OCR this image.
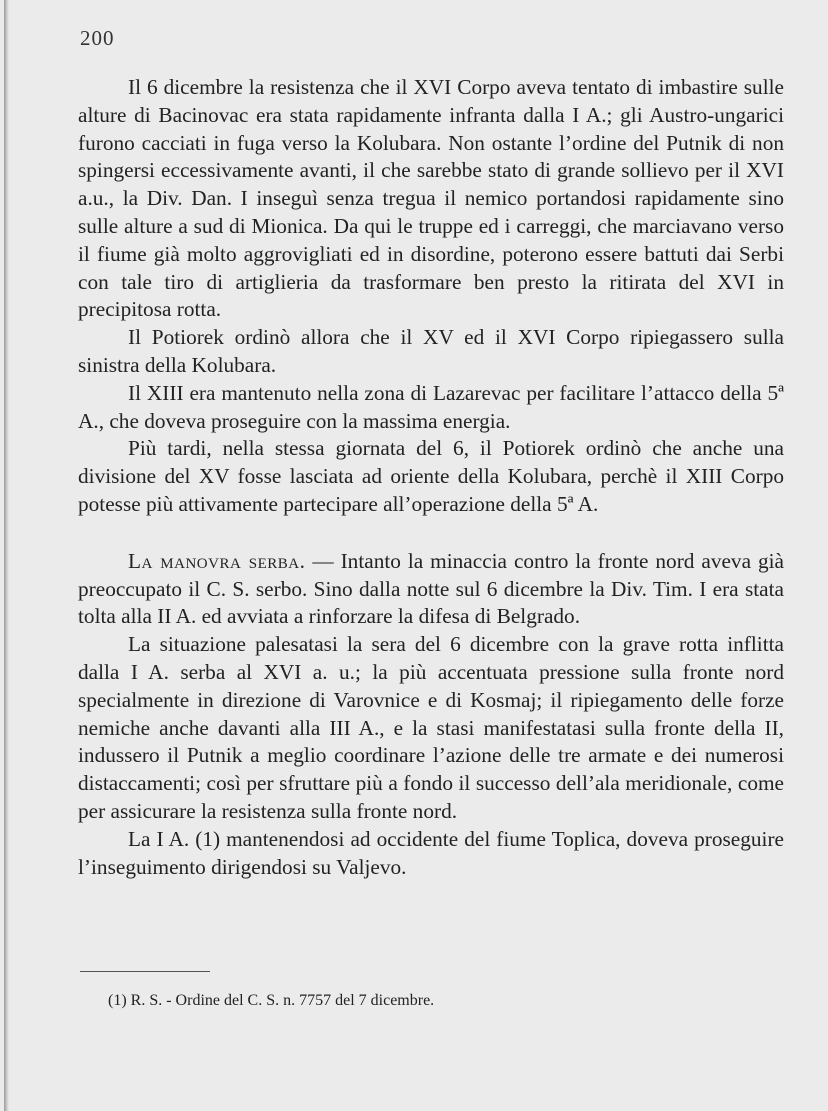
200

Il 6 dicembre la resistenza che il XVI Corpo aveva tentato di imbastire sulle alture di Bacinovac era stata rapidamente infranta dalla I A.; gli Austro-ungarici furono cacciati in fuga verso la Kolubara. Non ostante l’ordine del Putnik di non spingersi eccessivamente avanti, il che sarebbe stato di grande sollievo per il XVI a.u., la Div. Dan. I inseguì senza tregua il nemico portandosi rapidamente sino sulle alture a sud di Mionica. Da qui le truppe ed i carreggi, che marciavano verso il fiume già molto aggrovigliati ed in disordine, poterono essere battuti dai Serbi con tale tiro di artiglieria da trasformare ben presto la ritirata del XVI in precipitosa rotta.

Il Potiorek ordinò allora che il XV ed il XVI Corpo ripiegassero sulla sinistra della Kolubara.

Il XIII era mantenuto nella zona di Lazarevac per facilitare l’attacco della 5ª A., che doveva proseguire con la massima energia.

Più tardi, nella stessa giornata del 6, il Potiorek ordinò che anche una divisione del XV fosse lasciata ad oriente della Kolubara, perchè il XIII Corpo potesse più attivamente partecipare all’operazione della 5ª A.

La manovra serba. — Intanto la minaccia contro la fronte nord aveva già preoccupato il C. S. serbo. Sino dalla notte sul 6 dicembre la Div. Tim. I era stata tolta alla II A. ed avviata a rinforzare la difesa di Belgrado.

La situazione palesatasi la sera del 6 dicembre con la grave rotta inflitta dalla I A. serba al XVI a. u.; la più accentuata pressione sulla fronte nord specialmente in direzione di Varovnice e di Kosmaj; il ripiegamento delle forze nemiche anche davanti alla III A., e la stasi manifestatasi sulla fronte della II, indussero il Putnik a meglio coordinare l’azione delle tre armate e dei numerosi distaccamenti; così per sfruttare più a fondo il successo dell’ala meridionale, come per assicurare la resistenza sulla fronte nord.

La I A. (1) mantenendosi ad occidente del fiume Toplica, doveva proseguire l’inseguimento dirigendosi su Valjevo.

(1) R. S. - Ordine del C. S. n. 7757 del 7 dicembre.
